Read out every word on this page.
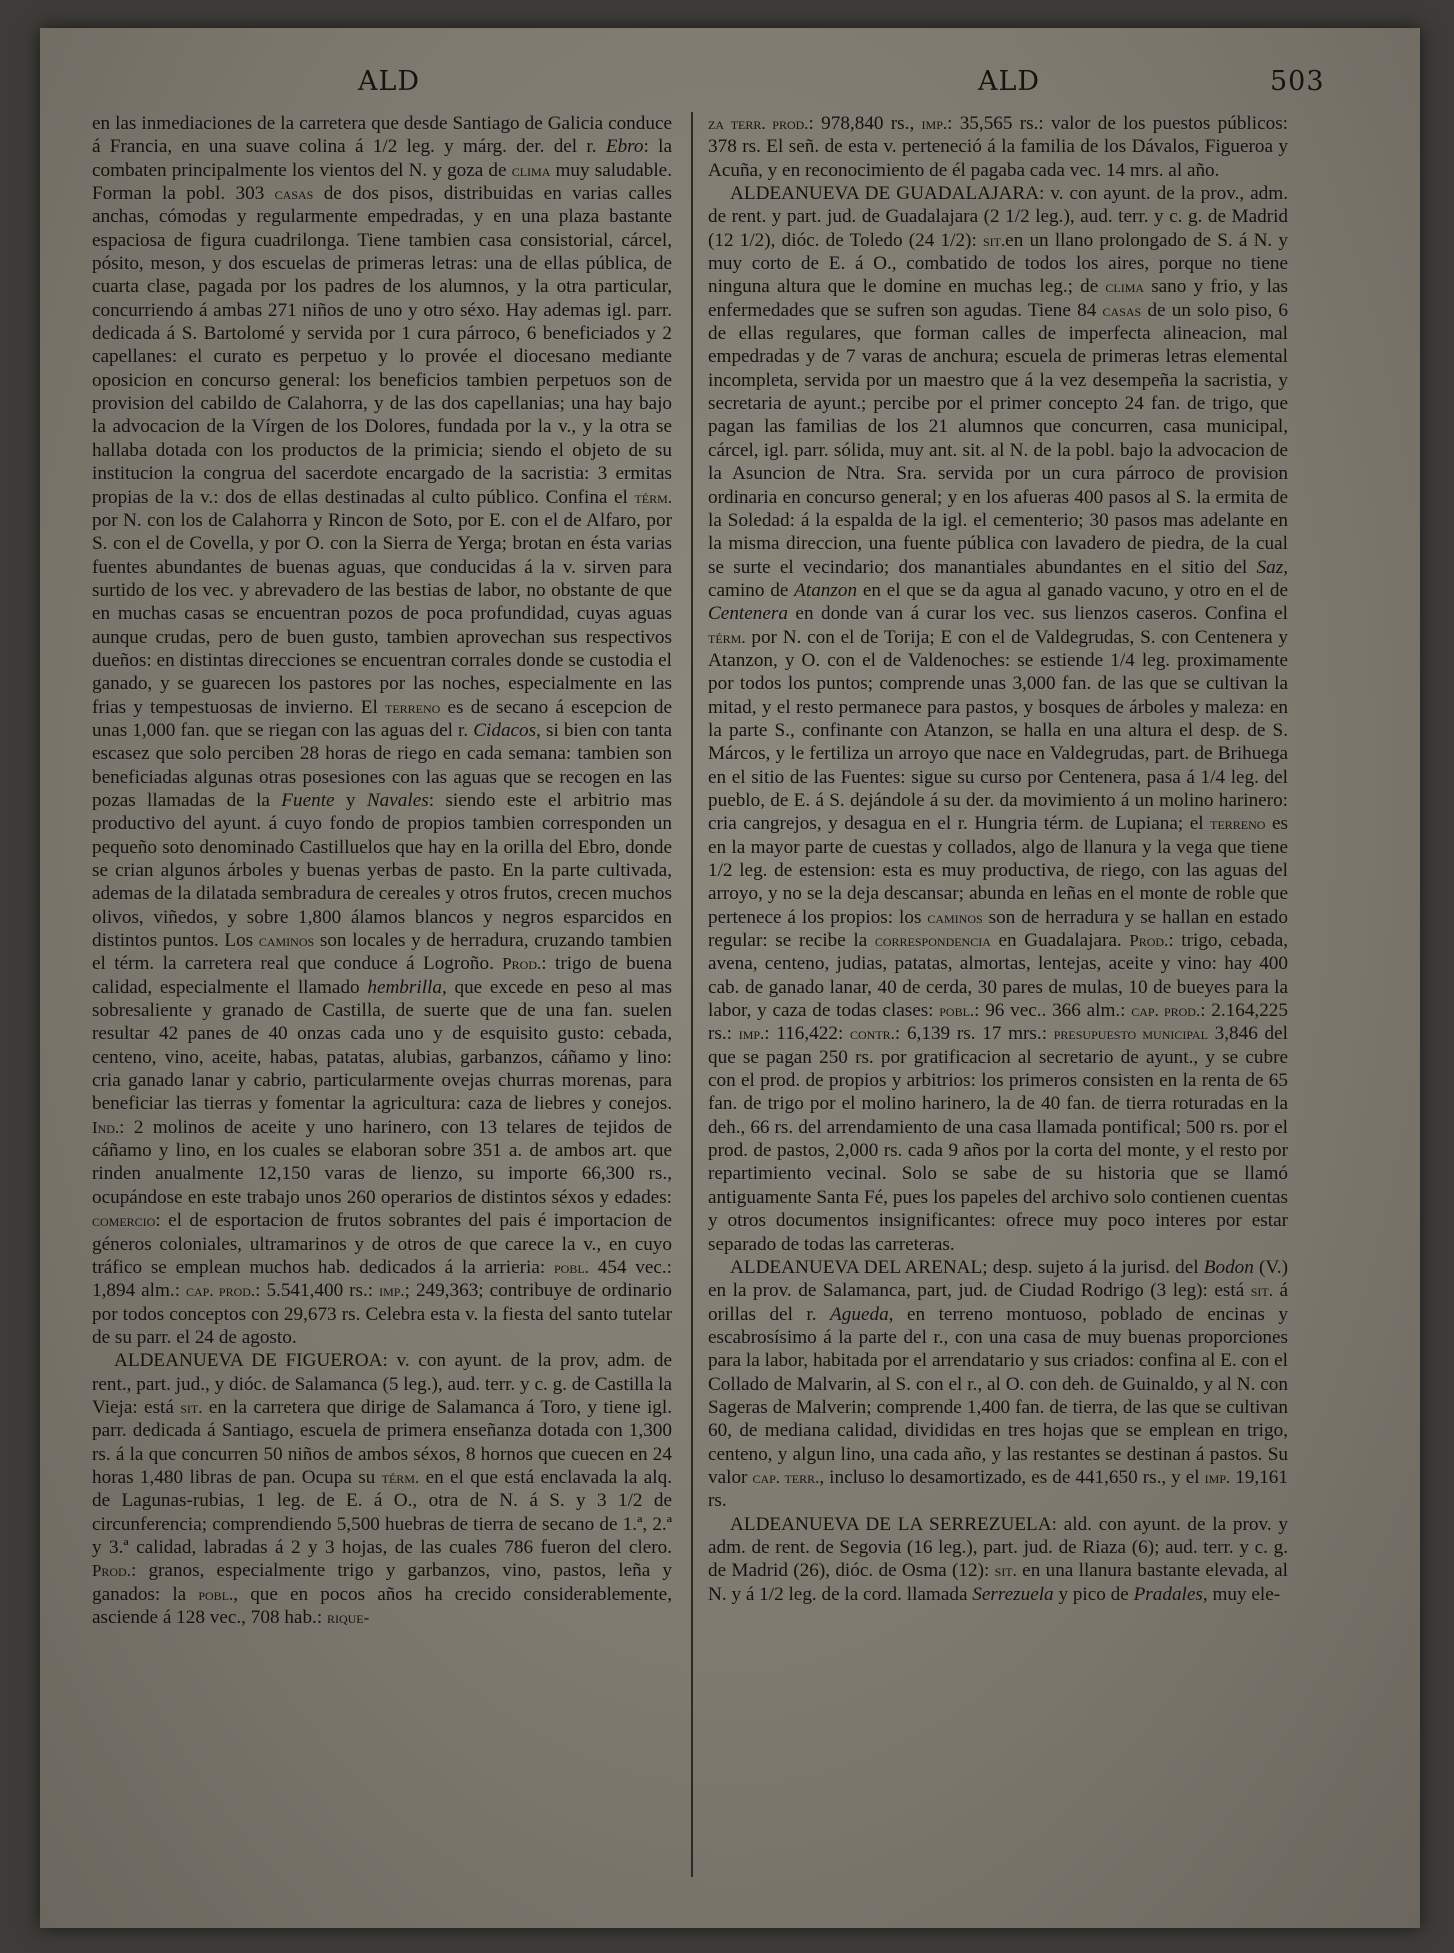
ALD	ALD	503

en las inmediaciones de la carretera que desde Santiago de Galicia conduce á Francia, en una suave colina á 1/2 leg. y márg. der. del r. Ebro: la combaten principalmente los vientos del N. y goza de clima muy saludable. Forman la pobl. 303 casas de dos pisos, distribuidas en varias calles anchas, cómodas y regularmente empedradas, y en una plaza bastante espaciosa de figura cuadrilonga. Tiene tambien casa consistorial, cárcel, pósito, meson, y dos escuelas de primeras letras: una de ellas pública, de cuarta clase, pagada por los padres de los alumnos, y la otra particular, concurriendo á ambas 271 niños de uno y otro séxo. Hay ademas igl. parr. dedicada á S. Bartolomé y servida por 1 cura párroco, 6 beneficiados y 2 capellanes: el curato es perpetuo y lo provée el diocesano mediante oposicion en concurso general: los beneficios tambien perpetuos son de provision del cabildo de Calahorra, y de las dos capellanias; una hay bajo la advocacion de la Vírgen de los Dolores, fundada por la v., y la otra se hallaba dotada con los productos de la primicia; siendo el objeto de su institucion la congrua del sacerdote encargado de la sacristia: 3 ermitas propias de la v.: dos de ellas destinadas al culto público. Confina el térm. por N. con los de Calahorra y Rincon de Soto, por E. con el de Alfaro, por S. con el de Covella, y por O. con la Sierra de Yerga; brotan en ésta varias fuentes abundantes de buenas aguas, que conducidas á la v. sirven para surtido de los vec. y abrevadero de las bestias de labor, no obstante de que en muchas casas se encuentran pozos de poca profundidad, cuyas aguas aunque crudas, pero de buen gusto, tambien aprovechan sus respectivos dueños: en distintas direcciones se encuentran corrales donde se custodia el ganado, y se guarecen los pastores por las noches, especialmente en las frias y tempestuosas de invierno. El terreno es de secano á escepcion de unas 1,000 fan. que se riegan con las aguas del r. Cidacos, si bien con tanta escasez que solo perciben 28 horas de riego en cada semana: tambien son beneficiadas algunas otras posesiones con las aguas que se recogen en las pozas llamadas de la Fuente y Navales: siendo este el arbitrio mas productivo del ayunt. á cuyo fondo de propios tambien corresponden un pequeño soto denominado Castilluelos que hay en la orilla del Ebro, donde se crian algunos árboles y buenas yerbas de pasto. En la parte cultivada, ademas de la dilatada sembradura de cereales y otros frutos, crecen muchos olivos, viñedos, y sobre 1,800 álamos blancos y negros esparcidos en distintos puntos. Los caminos son locales y de herradura, cruzando tambien el térm. la carretera real que conduce á Logroño. Prod.: trigo de buena calidad, especialmente el llamado hembrilla, que excede en peso al mas sobresaliente y granado de Castilla, de suerte que de una fan. suelen resultar 42 panes de 40 onzas cada uno y de esquisito gusto: cebada, centeno, vino, aceite, habas, patatas, alubias, garbanzos, cáñamo y lino: cria ganado lanar y cabrio, particularmente ovejas churras morenas, para beneficiar las tierras y fomentar la agricultura: caza de liebres y conejos. Ind.: 2 molinos de aceite y uno harinero, con 13 telares de tejidos de cáñamo y lino, en los cuales se elaboran sobre 351 a. de ambos art. que rinden anualmente 12,150 varas de lienzo, su importe 66,300 rs., ocupándose en este trabajo unos 260 operarios de distintos séxos y edades: comercio: el de esportacion de frutos sobrantes del pais é importacion de géneros coloniales, ultramarinos y de otros de que carece la v., en cuyo tráfico se emplean muchos hab. dedicados á la arrieria: pobl. 454 vec.: 1,894 alm.: cap. prod.: 5.541,400 rs.: imp.; 249,363; contribuye de ordinario por todos conceptos con 29,673 rs. Celebra esta v. la fiesta del santo tutelar de su parr. el 24 de agosto.

ALDEANUEVA DE FIGUEROA: v. con ayunt. de la prov, adm. de rent., part. jud., y dióc. de Salamanca (5 leg.), aud. terr. y c. g. de Castilla la Vieja: está sit. en la carretera que dirige de Salamanca á Toro, y tiene igl. parr. dedicada á Santiago, escuela de primera enseñanza dotada con 1,300 rs. á la que concurren 50 niños de ambos séxos, 8 hornos que cuecen en 24 horas 1,480 libras de pan. Ocupa su térm. en el que está enclavada la alq. de Lagunas-rubias, 1 leg. de E. á O., otra de N. á S. y 3 1/2 de circunferencia; comprendiendo 5,500 huebras de tierra de secano de 1.ª, 2.ª y 3.ª calidad, labradas á 2 y 3 hojas, de las cuales 786 fueron del clero. Prod.: granos, especialmente trigo y garbanzos, vino, pastos, leña y ganados: la pobl., que en pocos años ha crecido considerablemente, asciende á 128 vec., 708 hab.: rique-

za terr. prod.: 978,840 rs., imp.: 35,565 rs.: valor de los puestos públicos: 378 rs. El señ. de esta v. perteneció á la familia de los Dávalos, Figueroa y Acuña, y en reconocimiento de él pagaba cada vec. 14 mrs. al año.

ALDEANUEVA DE GUADALAJARA: v. con ayunt. de la prov., adm. de rent. y part. jud. de Guadalajara (2 1/2 leg.), aud. terr. y c. g. de Madrid (12 1/2), dióc. de Toledo (24 1/2): sit.en un llano prolongado de S. á N. y muy corto de E. á O., combatido de todos los aires, porque no tiene ninguna altura que le domine en muchas leg.; de clima sano y frio, y las enfermedades que se sufren son agudas. Tiene 84 casas de un solo piso, 6 de ellas regulares, que forman calles de imperfecta alineacion, mal empedradas y de 7 varas de anchura; escuela de primeras letras elemental incompleta, servida por un maestro que á la vez desempeña la sacristia, y secretaria de ayunt.; percibe por el primer concepto 24 fan. de trigo, que pagan las familias de los 21 alumnos que concurren, casa municipal, cárcel, igl. parr. sólida, muy ant. sit. al N. de la pobl. bajo la advocacion de la Asuncion de Ntra. Sra. servida por un cura párroco de provision ordinaria en concurso general; y en los afueras 400 pasos al S. la ermita de la Soledad: á la espalda de la igl. el cementerio; 30 pasos mas adelante en la misma direccion, una fuente pública con lavadero de piedra, de la cual se surte el vecindario; dos manantiales abundantes en el sitio del Saz, camino de Atanzon en el que se da agua al ganado vacuno, y otro en el de Centenera en donde van á curar los vec. sus lienzos caseros. Confina el térm. por N. con el de Torija; E con el de Valdegrudas, S. con Centenera y Atanzon, y O. con el de Valdenoches: se estiende 1/4 leg. proximamente por todos los puntos; comprende unas 3,000 fan. de las que se cultivan la mitad, y el resto permanece para pastos, y bosques de árboles y maleza: en la parte S., confinante con Atanzon, se halla en una altura el desp. de S. Márcos, y le fertiliza un arroyo que nace en Valdegrudas, part. de Brihuega en el sitio de las Fuentes: sigue su curso por Centenera, pasa á 1/4 leg. del pueblo, de E. á S. dejándole á su der. da movimiento á un molino harinero: cria cangrejos, y desagua en el r. Hungria térm. de Lupiana; el terreno es en la mayor parte de cuestas y collados, algo de llanura y la vega que tiene 1/2 leg. de estension: esta es muy productiva, de riego, con las aguas del arroyo, y no se la deja descansar; abunda en leñas en el monte de roble que pertenece á los propios: los caminos son de herradura y se hallan en estado regular: se recibe la correspondencia en Guadalajara. Prod.: trigo, cebada, avena, centeno, judias, patatas, almortas, lentejas, aceite y vino: hay 400 cab. de ganado lanar, 40 de cerda, 30 pares de mulas, 10 de bueyes para la labor, y caza de todas clases: pobl.: 96 vec.. 366 alm.: cap. prod.: 2.164,225 rs.: imp.: 116,422: contr.: 6,139 rs. 17 mrs.: presupuesto municipal 3,846 del que se pagan 250 rs. por gratificacion al secretario de ayunt., y se cubre con el prod. de propios y arbitrios: los primeros consisten en la renta de 65 fan. de trigo por el molino harinero, la de 40 fan. de tierra roturadas en la deh., 66 rs. del arrendamiento de una casa llamada pontifical; 500 rs. por el prod. de pastos, 2,000 rs. cada 9 años por la corta del monte, y el resto por repartimiento vecinal. Solo se sabe de su historia que se llamó antiguamente Santa Fé, pues los papeles del archivo solo contienen cuentas y otros documentos insignificantes: ofrece muy poco interes por estar separado de todas las carreteras.

ALDEANUEVA DEL ARENAL; desp. sujeto á la jurisd. del Bodon (V.) en la prov. de Salamanca, part, jud. de Ciudad Rodrigo (3 leg): está sit. á orillas del r. Agueda, en terreno montuoso, poblado de encinas y escabrosísimo á la parte del r., con una casa de muy buenas proporciones para la labor, habitada por el arrendatario y sus criados: confina al E. con el Collado de Malvarin, al S. con el r., al O. con deh. de Guinaldo, y al N. con Sageras de Malverin; comprende 1,400 fan. de tierra, de las que se cultivan 60, de mediana calidad, divididas en tres hojas que se emplean en trigo, centeno, y algun lino, una cada año, y las restantes se destinan á pastos. Su valor cap. terr., incluso lo desamortizado, es de 441,650 rs., y el imp. 19,161 rs.

ALDEANUEVA DE LA SERREZUELA: ald. con ayunt. de la prov. y adm. de rent. de Segovia (16 leg.), part. jud. de Riaza (6); aud. terr. y c. g. de Madrid (26), dióc. de Osma (12): sit. en una llanura bastante elevada, al N. y á 1/2 leg. de la cord. llamada Serrezuela y pico de Pradales, muy ele-
